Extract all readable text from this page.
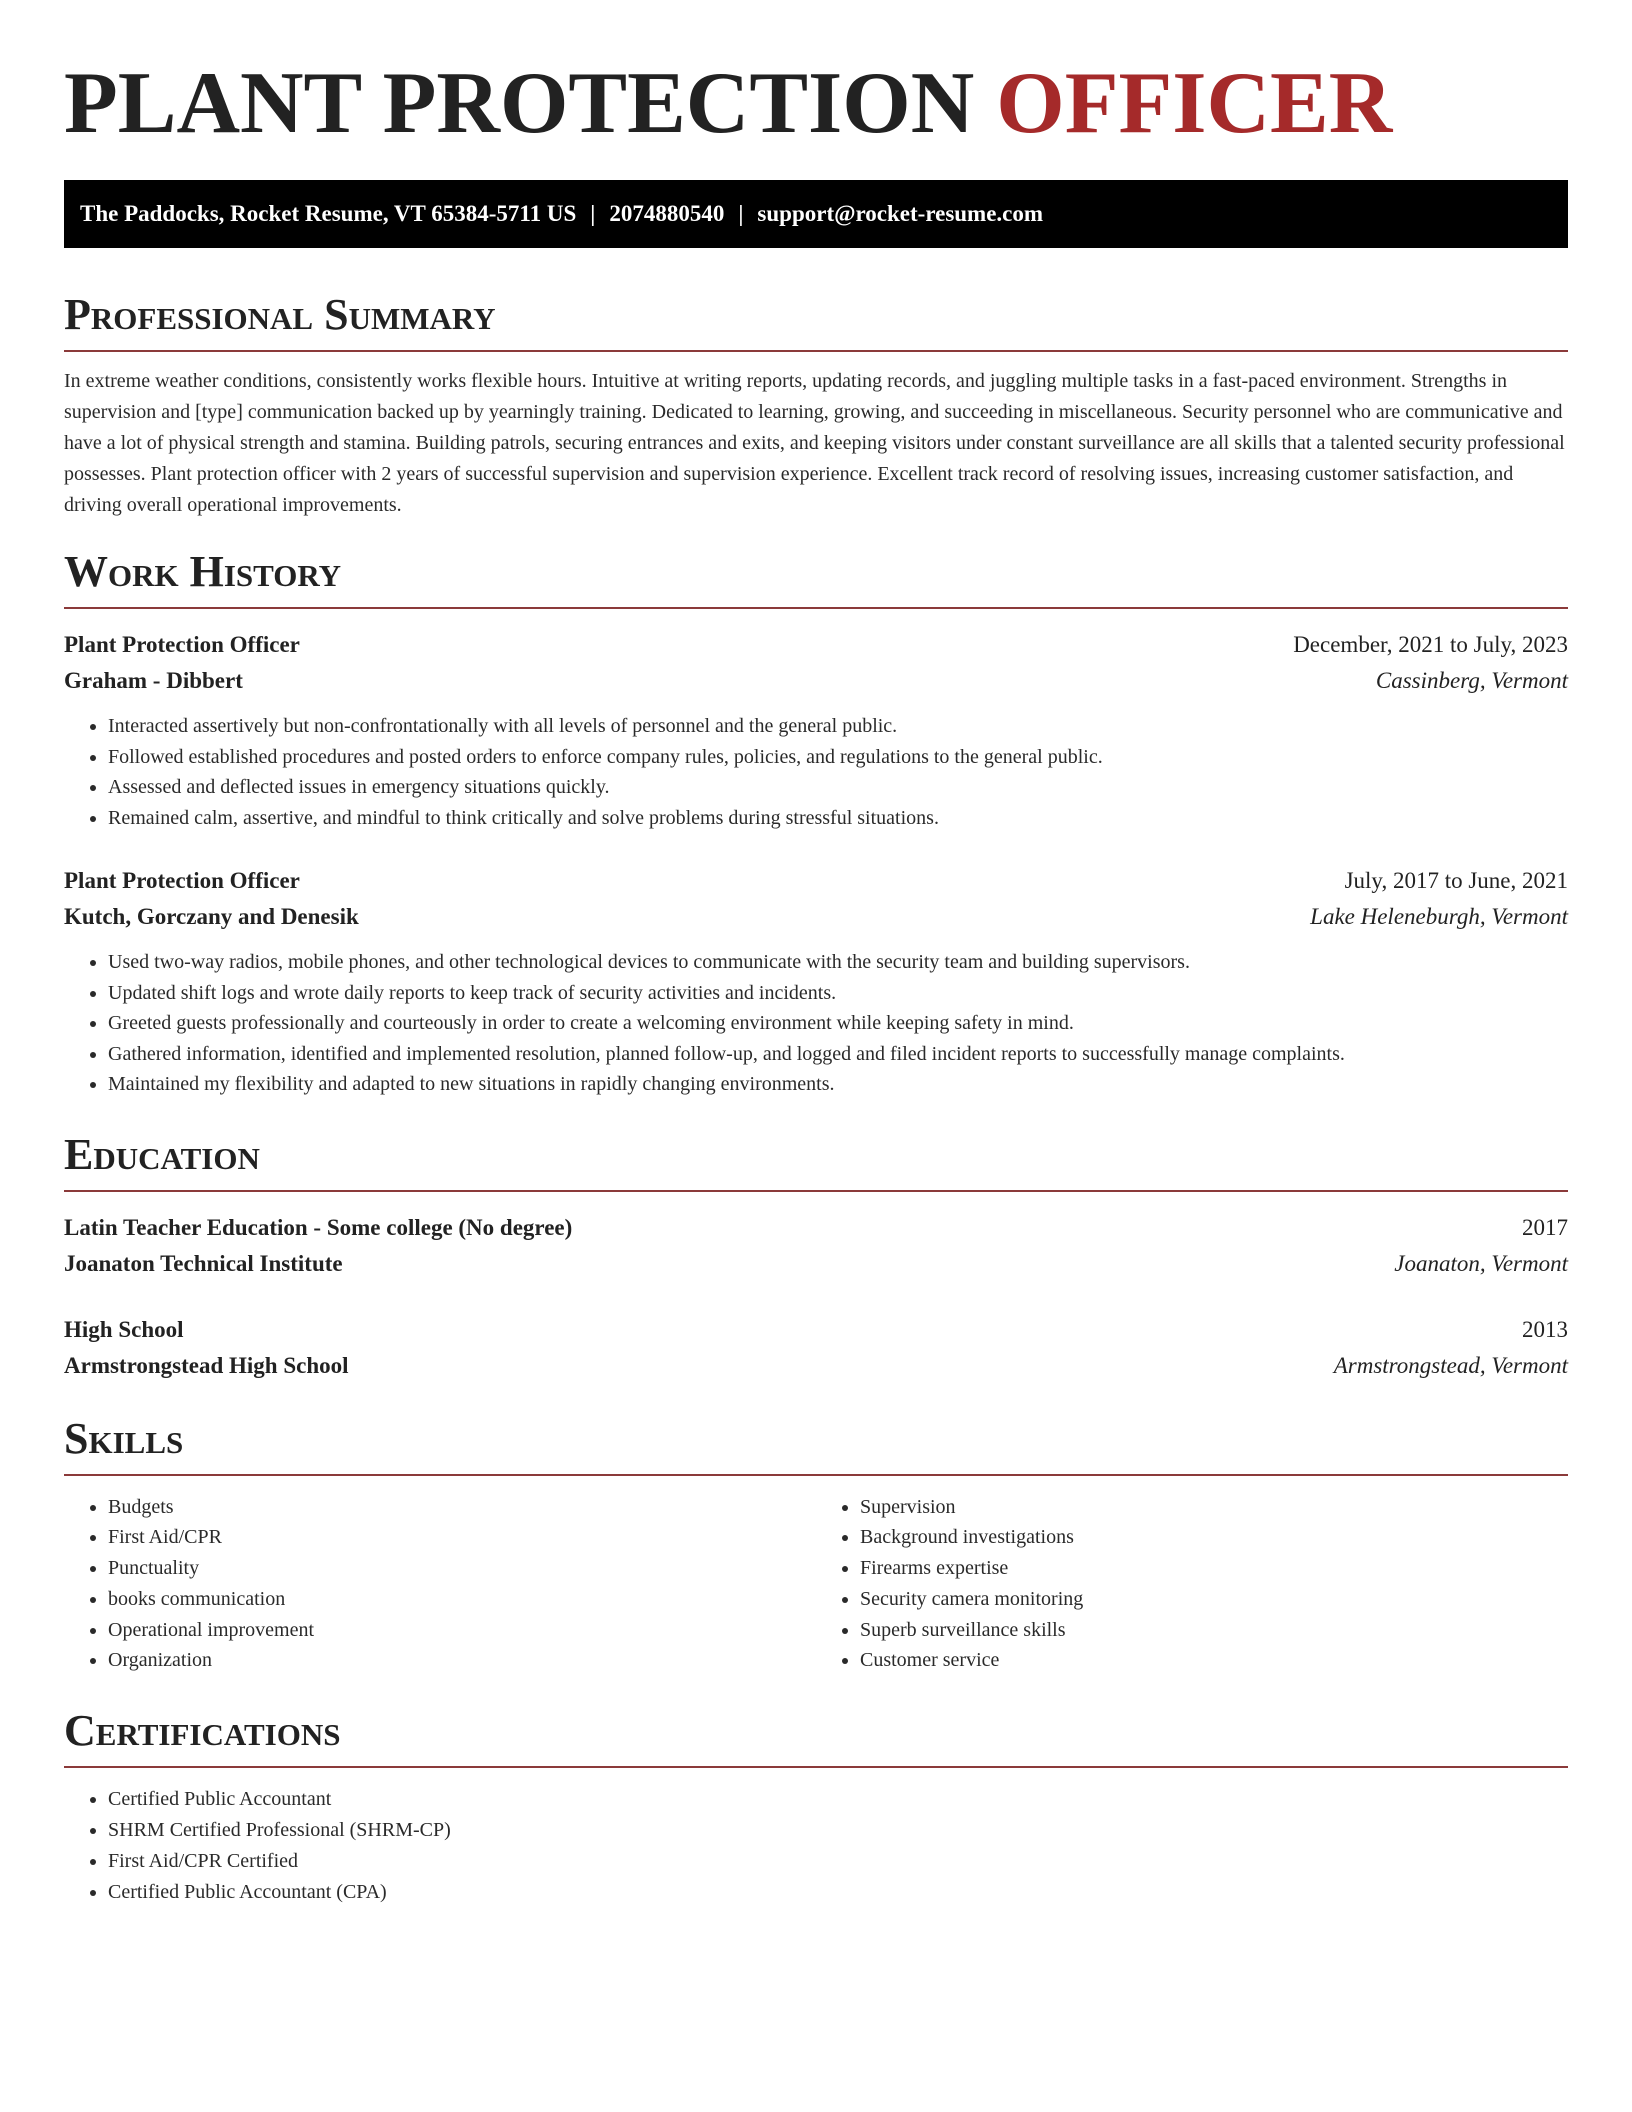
PLANT PROTECTION OFFICER
The Paddocks, Rocket Resume, VT 65384-5711 US | 2074880540 | support@rocket-resume.com
Professional Summary

In extreme weather conditions, consistently works flexible hours. Intuitive at writing reports, updating records, and juggling multiple tasks in a fast-paced environment. Strengths in supervision and [type] communication backed up by yearningly training. Dedicated to learning, growing, and succeeding in miscellaneous. Security personnel who are communicative and have a lot of physical strength and stamina. Building patrols, securing entrances and exits, and keeping visitors under constant surveillance are all skills that a talented security professional possesses. Plant protection officer with 2 years of successful supervision and supervision experience. Excellent track record of resolving issues, increasing customer satisfaction, and driving overall operational improvements.

Work History
Plant Protection Officer	December, 2021 to July, 2023
Graham - Dibbert	Cassinberg, Vermont
• Interacted assertively but non-confrontationally with all levels of personnel and the general public.
• Followed established procedures and posted orders to enforce company rules, policies, and regulations to the general public.
• Assessed and deflected issues in emergency situations quickly.
• Remained calm, assertive, and mindful to think critically and solve problems during stressful situations.
Plant Protection Officer	July, 2017 to June, 2021
Kutch, Gorczany and Denesik	Lake Heleneburgh, Vermont
• Used two-way radios, mobile phones, and other technological devices to communicate with the security team and building supervisors.
• Updated shift logs and wrote daily reports to keep track of security activities and incidents.
• Greeted guests professionally and courteously in order to create a welcoming environment while keeping safety in mind.
• Gathered information, identified and implemented resolution, planned follow-up, and logged and filed incident reports to successfully manage complaints.
• Maintained my flexibility and adapted to new situations in rapidly changing environments.
Education
Latin Teacher Education - Some college (No degree)	2017
Joanaton Technical Institute	Joanaton, Vermont
High School	2013
Armstrongstead High School	Armstrongstead, Vermont
Skills
• Budgets
• First Aid/CPR
• Punctuality
• books communication
• Operational improvement
• Organization
• Supervision
• Background investigations
• Firearms expertise
• Security camera monitoring
• Superb surveillance skills
• Customer service
Certifications
• Certified Public Accountant
• SHRM Certified Professional (SHRM-CP)
• First Aid/CPR Certified
• Certified Public Accountant (CPA)
